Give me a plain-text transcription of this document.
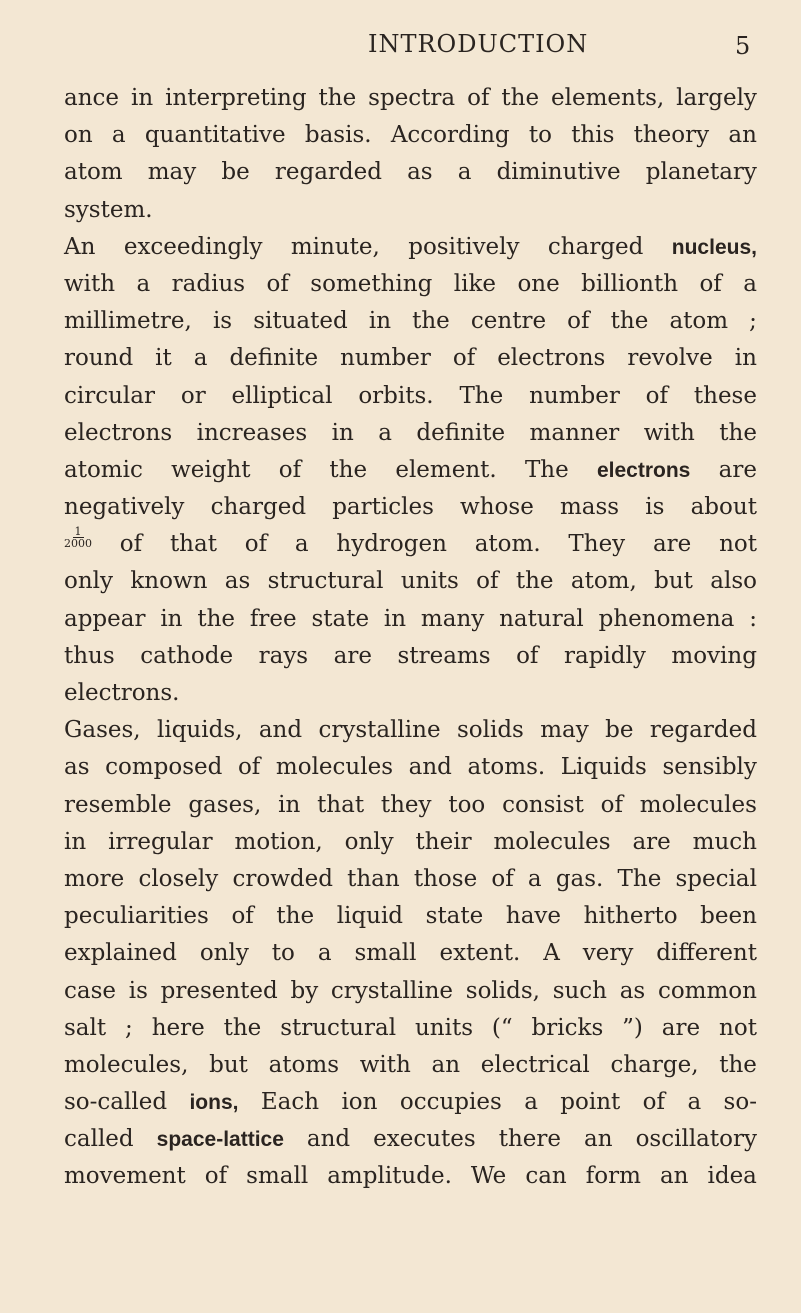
INTRODUCTION	5
ance in interpreting the spectra of the elements, largely
on a quantitative basis. According to this theory an
atom may be regarded as a diminutive planetary
system.
An exceedingly minute, positively charged nucleus,
with a radius of something like one billionth of a
millimetre, is situated in the centre of the atom ;
round it a definite number of electrons revolve in
circular or elliptical orbits. The number of these
electrons increases in a definite manner with the
atomic weight of the element. The electrons are
negatively charged particles whose mass is about
$\frac{1}{2000}$ of that of a hydrogen atom. They are not
only known as structural units of the atom, but also
appear in the free state in many natural phenomena :
thus cathode rays are streams of rapidly moving
electrons.
Gases, liquids, and crystalline solids may be regarded
as composed of molecules and atoms. Liquids sensibly
resemble gases, in that they too consist of molecules
in irregular motion, only their molecules are much
more closely crowded than those of a gas. The special
peculiarities of the liquid state have hitherto been
explained only to a small extent. A very different
case is presented by crystalline solids, such as common
salt ; here the structural units (“ bricks ”) are not
molecules, but atoms with an electrical charge, the
so-called ions, Each ion occupies a point of a so-
called space-lattice and executes there an oscillatory
movement of small amplitude. We can form an idea
